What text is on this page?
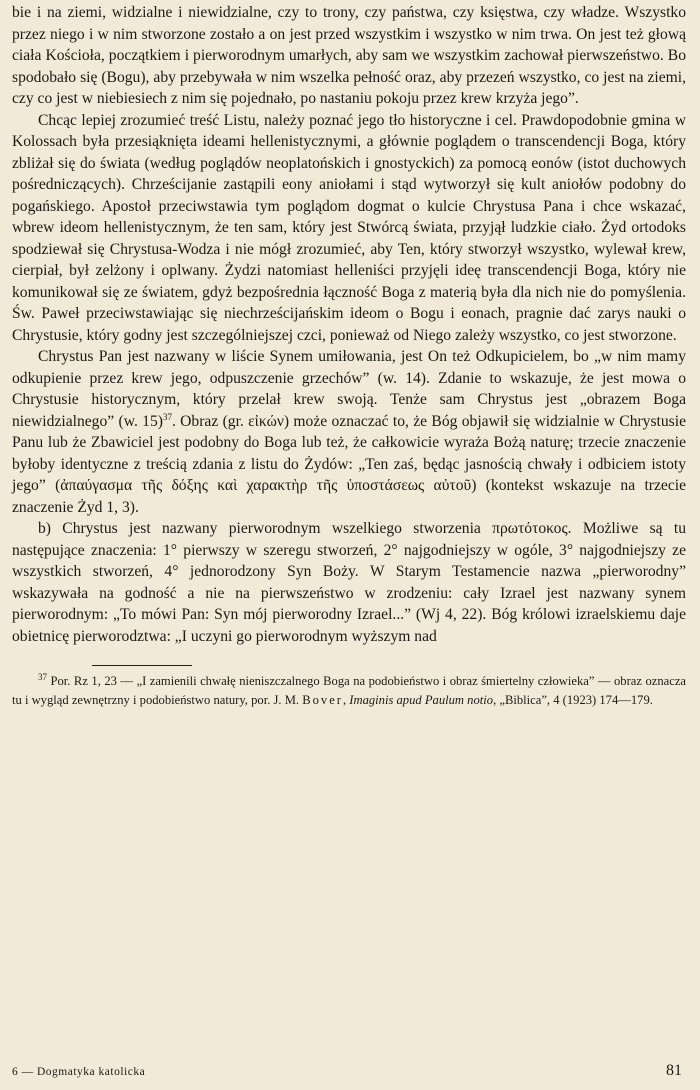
bie i na ziemi, widzialne i niewidzialne, czy to trony, czy państwa, czy księstwa, czy władze. Wszystko przez niego i w nim stworzone zostało a on jest przed wszystkim i wszystko w nim trwa. On jest też głową ciała Kościoła, początkiem i pierworodnym umarłych, aby sam we wszystkim zachował pierwszeństwo. Bo spodobało się (Bogu), aby przebywała w nim wszelka pełność oraz, aby przezeń wszystko, co jest na ziemi, czy co jest w niebiesiech z nim się pojednało, po nastaniu pokoju przez krew krzyża jego”.

Chcąc lepiej zrozumieć treść Listu, należy poznać jego tło historyczne i cel. Prawdopodobnie gmina w Kolossach była przesiąknięta ideami hellenistycznymi, a głównie poglądem o transcendencji Boga, który zbliżał się do świata (według poglądów neoplatońskich i gnostyckich) za pomocą eonów (istot duchowych pośredniczących). Chrześcijanie zastąpili eony aniołami i stąd wytworzył się kult aniołów podobny do pogańskiego. Apostoł przeciwstawia tym poglądom dogmat o kulcie Chrystusa Pana i chce wskazać, wbrew ideom hellenistycznym, że ten sam, który jest Stwórcą świata, przyjął ludzkie ciało. Żyd ortodoks spodziewał się Chrystusa-Wodza i nie mógł zrozumieć, aby Ten, który stworzył wszystko, wylewał krew, cierpiał, był zelżony i oplwany. Żydzi natomiast helleniści przyjęli ideę transcendencji Boga, który nie komunikował się ze światem, gdyż bezpośrednia łączność Boga z materią była dla nich nie do pomyślenia. Św. Paweł przeciwstawiając się niechrześcijańskim ideom o Bogu i eonach, pragnie dać zarys nauki o Chrystusie, który godny jest szczególniejszej czci, ponieważ od Niego zależy wszystko, co jest stworzone.

Chrystus Pan jest nazwany w liście Synem umiłowania, jest On też Odkupicielem, bo „w nim mamy odkupienie przez krew jego, odpuszczenie grzechów” (w. 14). Zdanie to wskazuje, że jest mowa o Chrystusie historycznym, który przelał krew swoją. Tenże sam Chrystus jest „obrazem Boga niewidzialnego” (w. 15)$^{37}$. Obraz (gr. εἰκών) może oznaczać to, że Bóg objawił się widzialnie w Chrystusie Panu lub że Zbawiciel jest podobny do Boga lub też, że całkowicie wyraża Bożą naturę; trzecie znaczenie byłoby identyczne z treścią zdania z listu do Żydów: „Ten zaś, będąc jasnością chwały i odbiciem istoty jego” (ἀπαύγασμα τῆς δόξης καὶ χαρακτὴρ τῆς ὑποστάσεως αὐτοῦ) (kontekst wskazuje na trzecie znaczenie Żyd 1, 3).

b) Chrystus jest nazwany pierworodnym wszelkiego stworzenia πρωτότοκος. Możliwe są tu następujące znaczenia: 1° pierwszy w szeregu stworzeń, 2° najgodniejszy w ogóle, 3° najgodniejszy ze wszystkich stworzeń, 4° jednorodzony Syn Boży. W Starym Testamencie nazwa „pierworodny” wskazywała na godność a nie na pierwszeństwo w zrodzeniu: cały Izrael jest nazwany synem pierworodnym: „To mówi Pan: Syn mój pierworodny Izrael...” (Wj 4, 22). Bóg królowi izraelskiemu daje obietnicę pierworodztwa: „I uczyni go pierworodnym wyższym nad

$^{37}$ Por. Rz 1, 23 — „I zamienili chwałę nieniszczalnego Boga na podobieństwo i obraz śmiertelny człowieka” — obraz oznacza tu i wygląd zewnętrzny i podobieństwo natury, por. J. M. Bover, Imaginis apud Paulum notio, „Biblica”, 4 (1923) 174—179.

6 — Dogmatyka katolicka	81
